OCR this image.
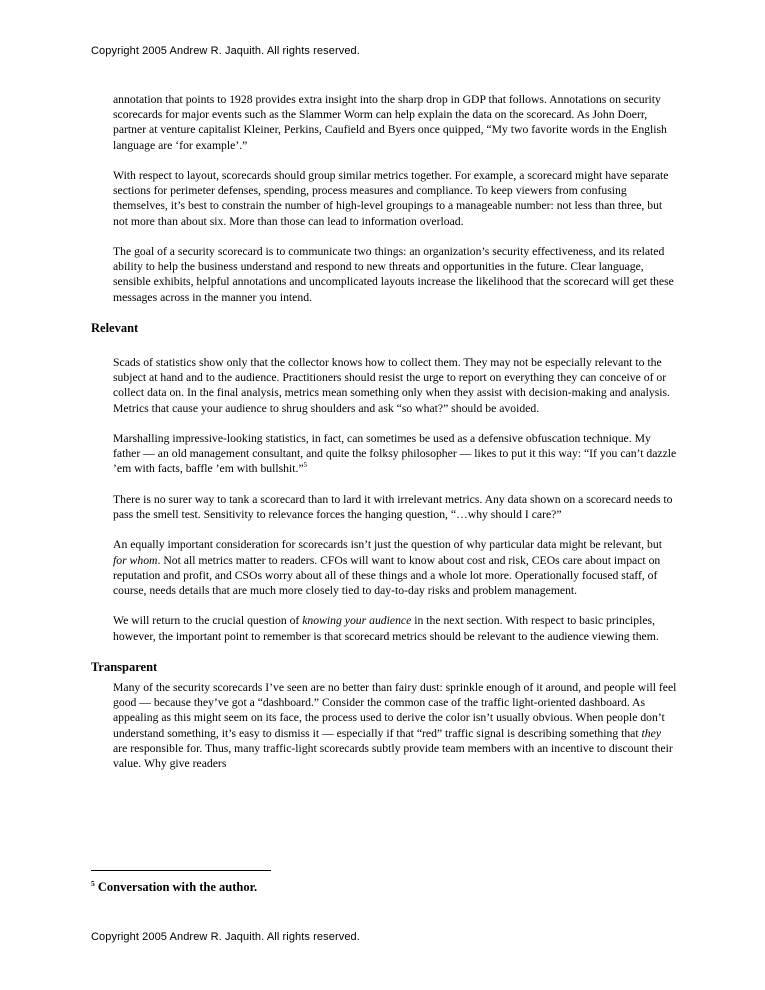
Copyright 2005 Andrew R. Jaquith. All rights reserved.

annotation that points to 1928 provides extra insight into the sharp drop in GDP that follows. Annotations on security scorecards for major events such as the Slammer Worm can help explain the data on the scorecard. As John Doerr, partner at venture capitalist Kleiner, Perkins, Caufield and Byers once quipped, “My two favorite words in the English language are ‘for example’.”

With respect to layout, scorecards should group similar metrics together. For example, a scorecard might have separate sections for perimeter defenses, spending, process measures and compliance. To keep viewers from confusing themselves, it’s best to constrain the number of high-level groupings to a manageable number: not less than three, but not more than about six. More than those can lead to information overload.

The goal of a security scorecard is to communicate two things: an organization’s security effectiveness, and its related ability to help the business understand and respond to new threats and opportunities in the future. Clear language, sensible exhibits, helpful annotations and uncomplicated layouts increase the likelihood that the scorecard will get these messages across in the manner you intend.

Relevant

Scads of statistics show only that the collector knows how to collect them. They may not be especially relevant to the subject at hand and to the audience. Practitioners should resist the urge to report on everything they can conceive of or collect data on. In the final analysis, metrics mean something only when they assist with decision-making and analysis. Metrics that cause your audience to shrug shoulders and ask “so what?” should be avoided.

Marshalling impressive-looking statistics, in fact, can sometimes be used as a defensive obfuscation technique. My father — an old management consultant, and quite the folksy philosopher — likes to put it this way: “If you can’t dazzle ’em with facts, baffle ’em with bullshit.”$^5$

There is no surer way to tank a scorecard than to lard it with irrelevant metrics. Any data shown on a scorecard needs to pass the smell test. Sensitivity to relevance forces the hanging question, “…why should I care?”

An equally important consideration for scorecards isn’t just the question of why particular data might be relevant, but for whom. Not all metrics matter to readers. CFOs will want to know about cost and risk, CEOs care about impact on reputation and profit, and CSOs worry about all of these things and a whole lot more. Operationally focused staff, of course, needs details that are much more closely tied to day-to-day risks and problem management.

We will return to the crucial question of knowing your audience in the next section. With respect to basic principles, however, the important point to remember is that scorecard metrics should be relevant to the audience viewing them.

Transparent

Many of the security scorecards I’ve seen are no better than fairy dust: sprinkle enough of it around, and people will feel good — because they’ve got a “dashboard.” Consider the common case of the traffic light-oriented dashboard. As appealing as this might seem on its face, the process used to derive the color isn’t usually obvious. When people don’t understand something, it’s easy to dismiss it — especially if that “red” traffic signal is describing something that they are responsible for. Thus, many traffic-light scorecards subtly provide team members with an incentive to discount their value. Why give readers

$^5$ Conversation with the author.
Copyright 2005 Andrew R. Jaquith. All rights reserved.
